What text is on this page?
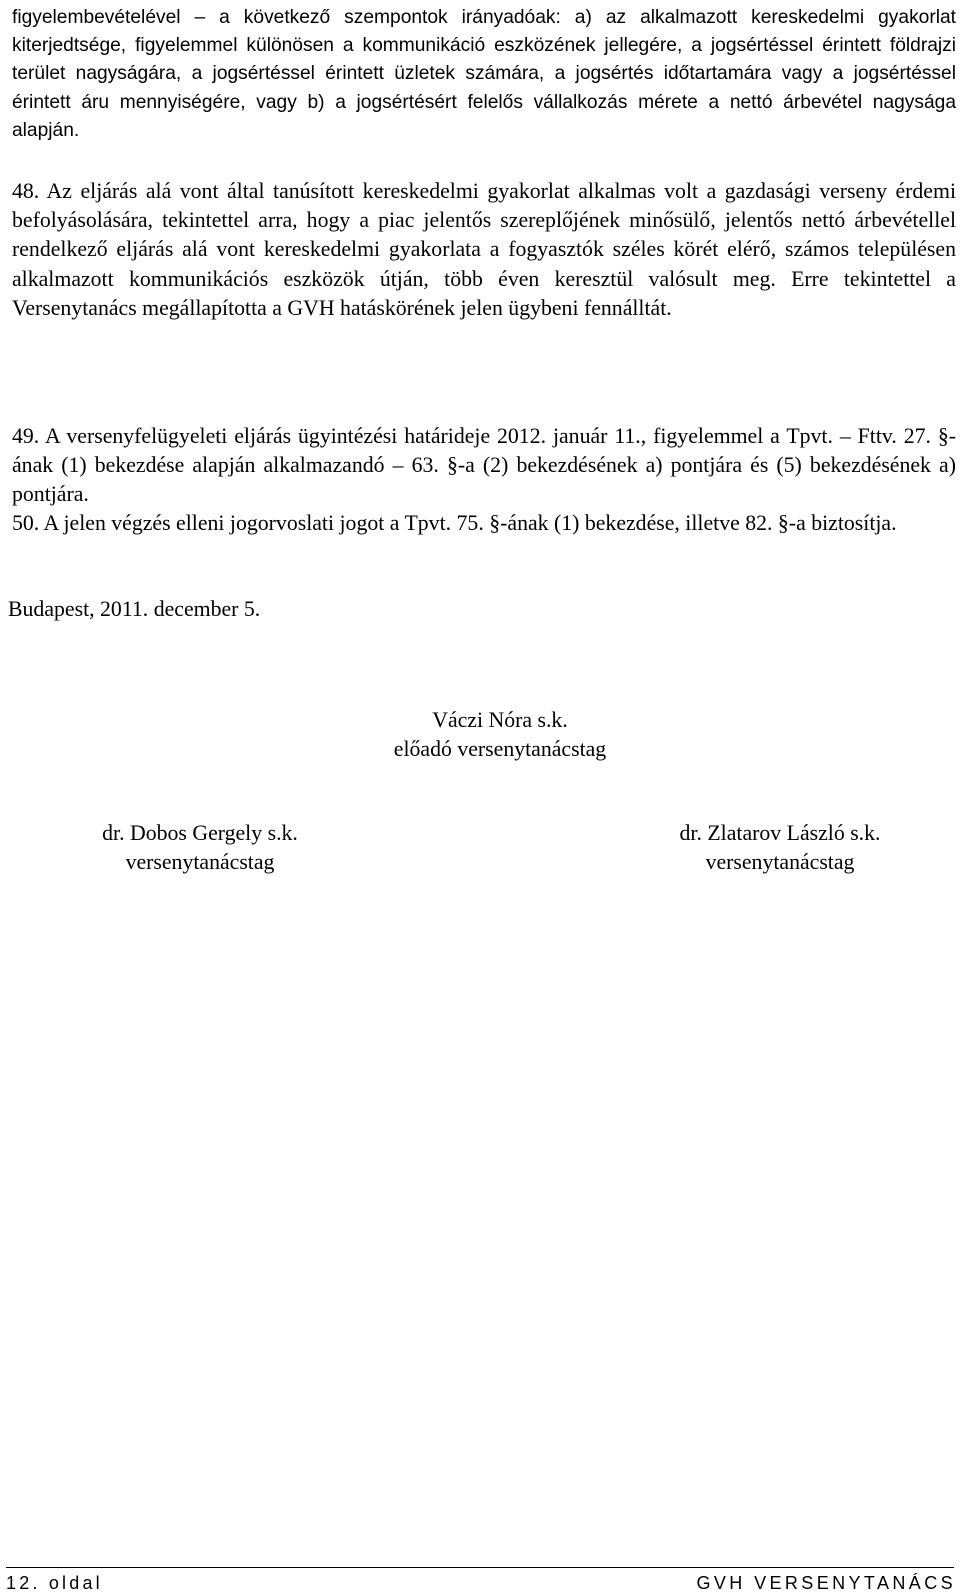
figyelembevételével – a következő szempontok irányadóak: a) az alkalmazott kereskedelmi gyakorlat kiterjedtsége, figyelemmel különösen a kommunikáció eszközének jellegére, a jogsértéssel érintett földrajzi terület nagyságára, a jogsértéssel érintett üzletek számára, a jogsértés időtartamára vagy a jogsértéssel érintett áru mennyiségére, vagy b) a jogsértésért felelős vállalkozás mérete a nettó árbevétel nagysága alapján.

48. Az eljárás alá vont által tanúsított kereskedelmi gyakorlat alkalmas volt a gazdasági verseny érdemi befolyásolására, tekintettel arra, hogy a piac jelentős szereplőjének minősülő, jelentős nettó árbevétellel rendelkező eljárás alá vont kereskedelmi gyakorlata a fogyasztók széles körét elérő, számos településen alkalmazott kommunikációs eszközök útján, több éven keresztül valósult meg. Erre tekintettel a Versenytanács megállapította a GVH hatáskörének jelen ügybeni fennálltát.

49. A versenyfelügyeleti eljárás ügyintézési határideje 2012. január 11., figyelemmel a Tpvt. – Fttv. 27. §-ának (1) bekezdése alapján alkalmazandó – 63. §-a (2) bekezdésének a) pontjára és (5) bekezdésének a) pontjára.

50. A jelen végzés elleni jogorvoslati jogot a Tpvt. 75. §-ának (1) bekezdése, illetve 82. §-a biztosítja.

Budapest, 2011. december 5.

Váczi Nóra s.k.
előadó versenytanácstag
dr. Dobos Gergely s.k.
versenytanácstag
dr. Zlatarov László s.k.
versenytanácstag

12. oldal	GVH VERSENYTANÁCS
